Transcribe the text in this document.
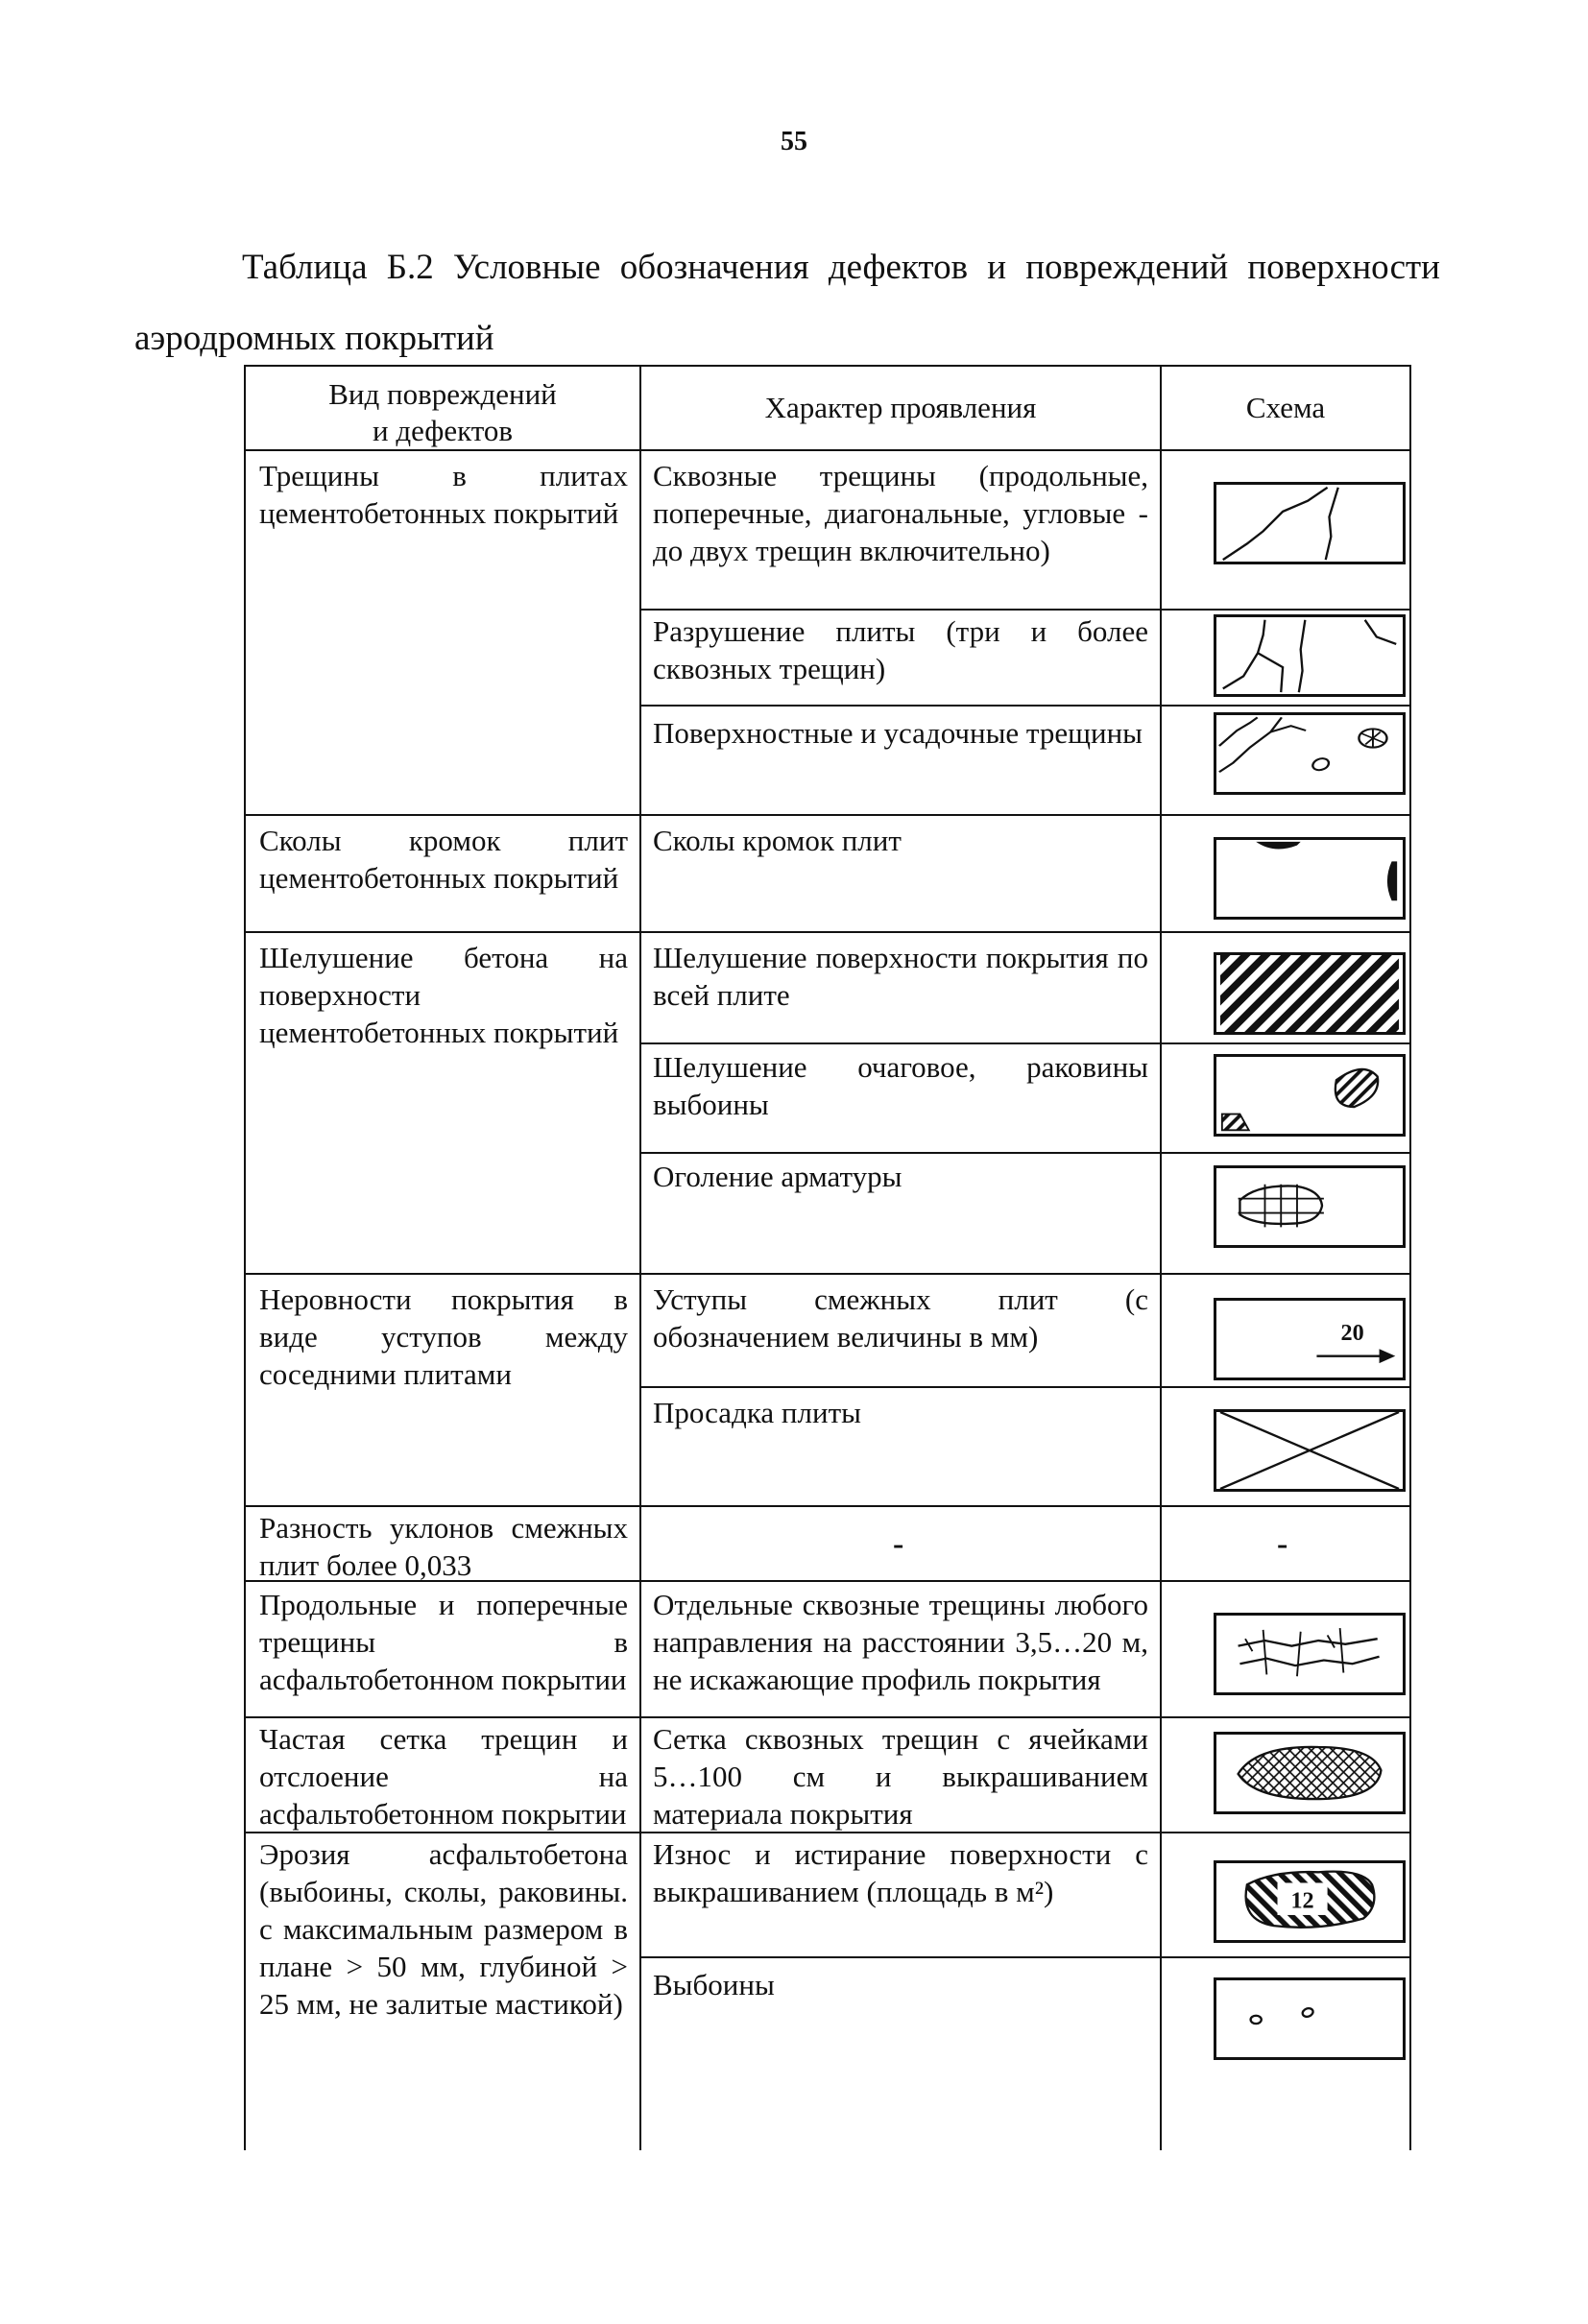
55
Таблица Б.2 Условные обозначения дефектов и повреждений поверхности
аэродромных покрытий
Вид повреждений
и дефектов
Характер проявления	Схема
Трещины в плитах цементобетонных покрытий
Сколы кромок плит цементобетонных покрытий
Шелушение бетона на поверхности цементобетонных покрытий
Неровности покрытия в виде уступов между соседними плитами
Разность уклонов смежных плит более 0,033
Продольные и поперечные трещины в асфальтобетонном покрытии
Частая сетка трещин и отслоение на асфальтобетонном покрытии
Эрозия асфальтобетона (выбоины, сколы, раковины. с максимальным размером в плане > 50 мм, глубиной > 25 мм, не залитые мастикой)
Сквозные трещины (продольные, поперечные, диагональные, угловые - до двух трещин включительно)
Разрушение плиты (три и более сквозных трещин)
Поверхностные и усадочные трещины
Сколы кромок плит
Шелушение поверхности покрытия по всей плите
Шелушение очаговое, раковины выбоины
Оголение арматуры
Уступы смежных плит (с обозначением величины в мм)
Просадка плиты
-
Отдельные сквозные трещины любого направления на расстоянии 3,5…20 м, не искажающие профиль покрытия
Сетка сквозных трещин с ячейками 5…100 см и выкрашиванием материала покрытия
Износ и истирание поверхности с выкрашиванием (площадь в м²)
Выбоины
20
-
12
